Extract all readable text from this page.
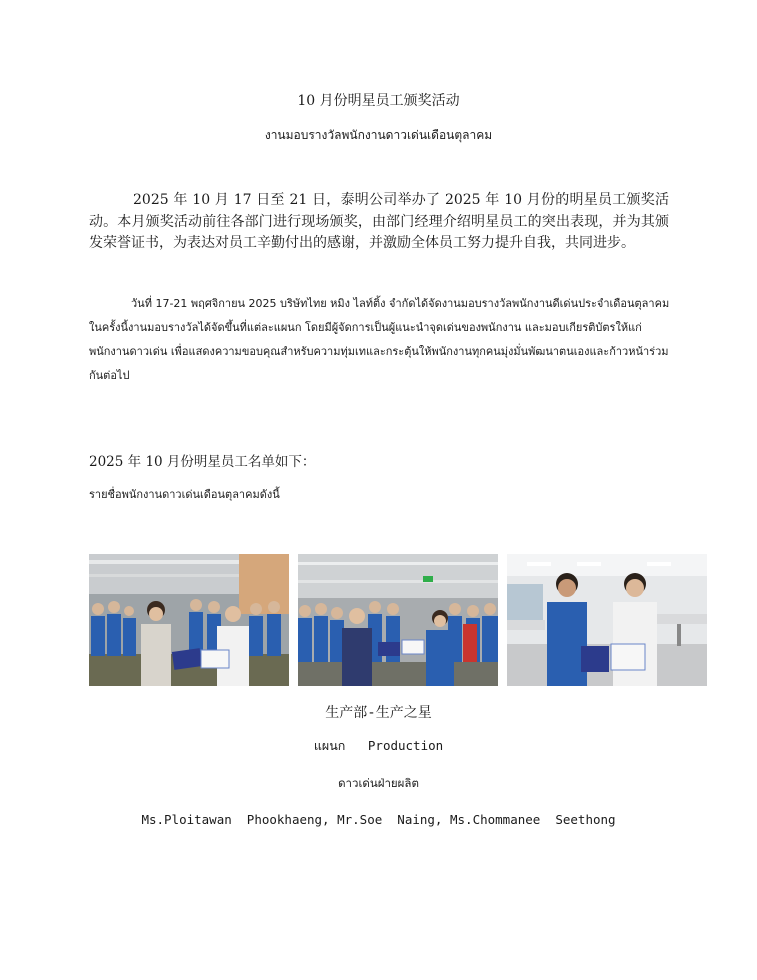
10 月份明星员工颁奖活动
งานมอบรางวัลพนักงานดาวเด่นเดือนตุลาคม
2025 年 10 月 17 日至 21 日，泰明公司举办了 2025 年 10 月份的明星员工颁奖活动。本月颁奖活动前往各部门进行现场颁奖，由部门经理介绍明星员工的突出表现，并为其颁发荣誉证书，为表达对员工辛勤付出的感谢，并激励全体员工努力提升自我，共同进步。
วันที่ 17-21 พฤศจิกายน 2025 บริษัทไทย หมิง ไลท์ติ้ง จำกัดได้จัดงานมอบรางวัลพนักงานดีเด่นประจำเดือนตุลาคม ในครั้งนี้งานมอบรางวัลได้จัดขึ้นที่แต่ละแผนก โดยมีผู้จัดการเป็นผู้แนะนำจุดเด่นของพนักงาน และมอบเกียรติบัตรให้แก่พนักงานดาวเด่น เพื่อแสดงความขอบคุณสำหรับความทุ่มเทและกระตุ้นให้พนักงานทุกคนมุ่งมั่นพัฒนาตนเองและก้าวหน้าร่วมกันต่อไป
2025 年 10 月份明星员工名单如下：
รายชื่อพนักงานดาวเด่นเดือนตุลาคมดังนี้
生产部-生产之星
แผนก Production
ดาวเด่นฝ่ายผลิต
Ms.Ploitawan  Phookhaeng, Mr.Soe  Naing, Ms.Chommanee  Seethong
